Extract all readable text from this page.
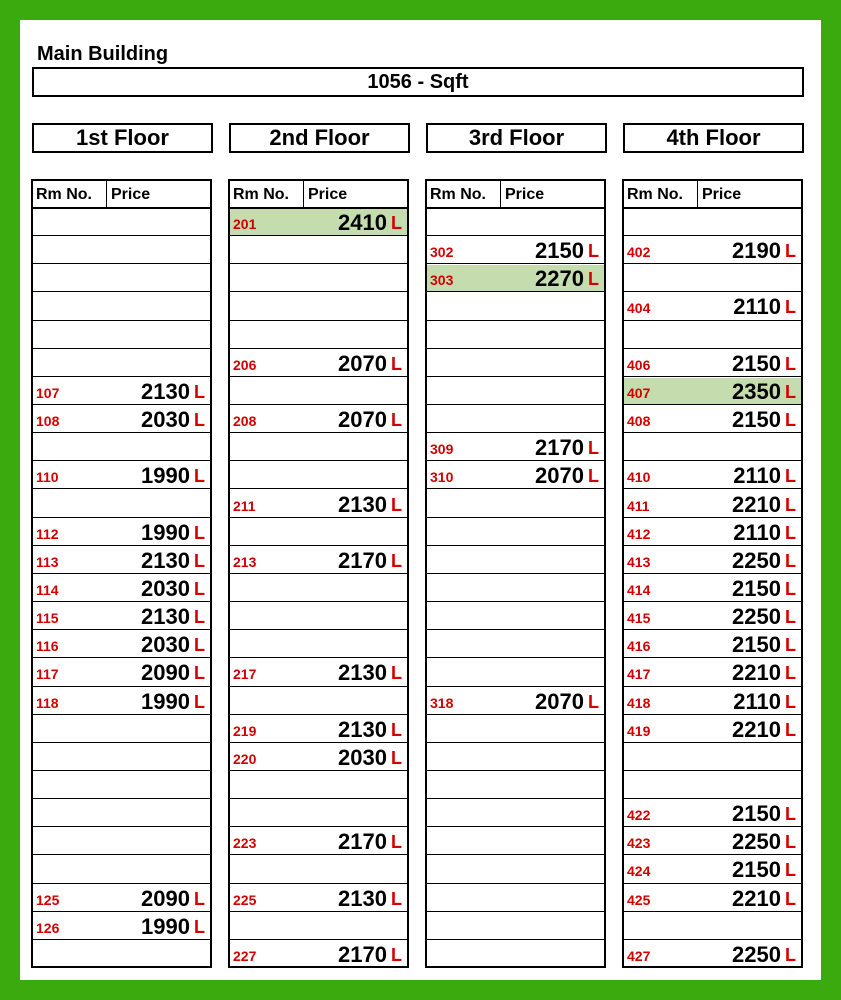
Main Building
1056 - Sqft
1st Floor
Rm No. Price
107	2130 L
108	2030 L
110	1990 L
112	1990 L
113	2130 L
114	2030 L
115	2130 L
116	2030 L
117	2090 L
118	1990 L
125	2090 L
126	1990 L
2nd Floor
Rm No. Price
201	2410 L
206	2070 L
208	2070 L
211	2130 L
213	2170 L
217	2130 L
219	2130 L
220	2030 L
223	2170 L
225	2130 L
227	2170 L
3rd Floor
Rm No. Price
302	2150 L
303	2270 L
309	2170 L
310	2070 L
318	2070 L
4th Floor
Rm No. Price
402	2190 L
404	2110 L
406	2150 L
407	2350 L
408	2150 L
410	2110 L
411	2210 L
412	2110 L
413	2250 L
414	2150 L
415	2250 L
416	2150 L
417	2210 L
418	2110 L
419	2210 L
422	2150 L
423	2250 L
424	2150 L
425	2210 L
427	2250 L
